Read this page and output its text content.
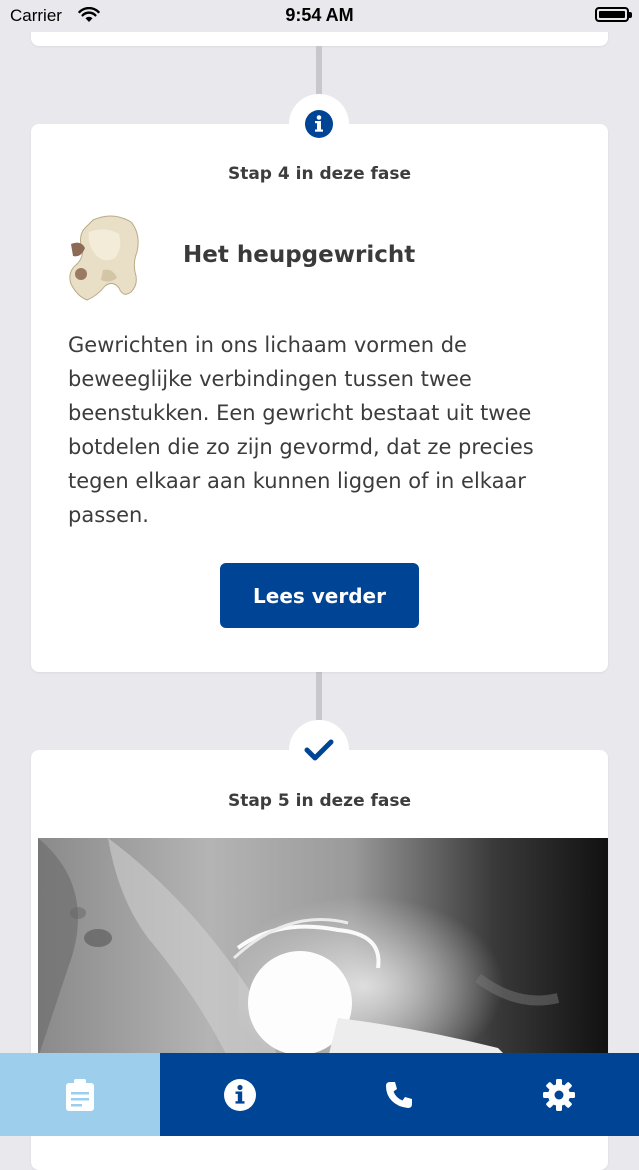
Carrier	9:54 AM
Stap 4 in deze fase
Het heupgewricht

Gewrichten in ons lichaam vormen de beweeglijke verbindingen tussen twee beenstukken. Een gewricht bestaat uit twee botdelen die zo zijn gevormd, dat ze precies tegen elkaar aan kunnen liggen of in elkaar passen.

Lees verder
Stap 5 in deze fase
